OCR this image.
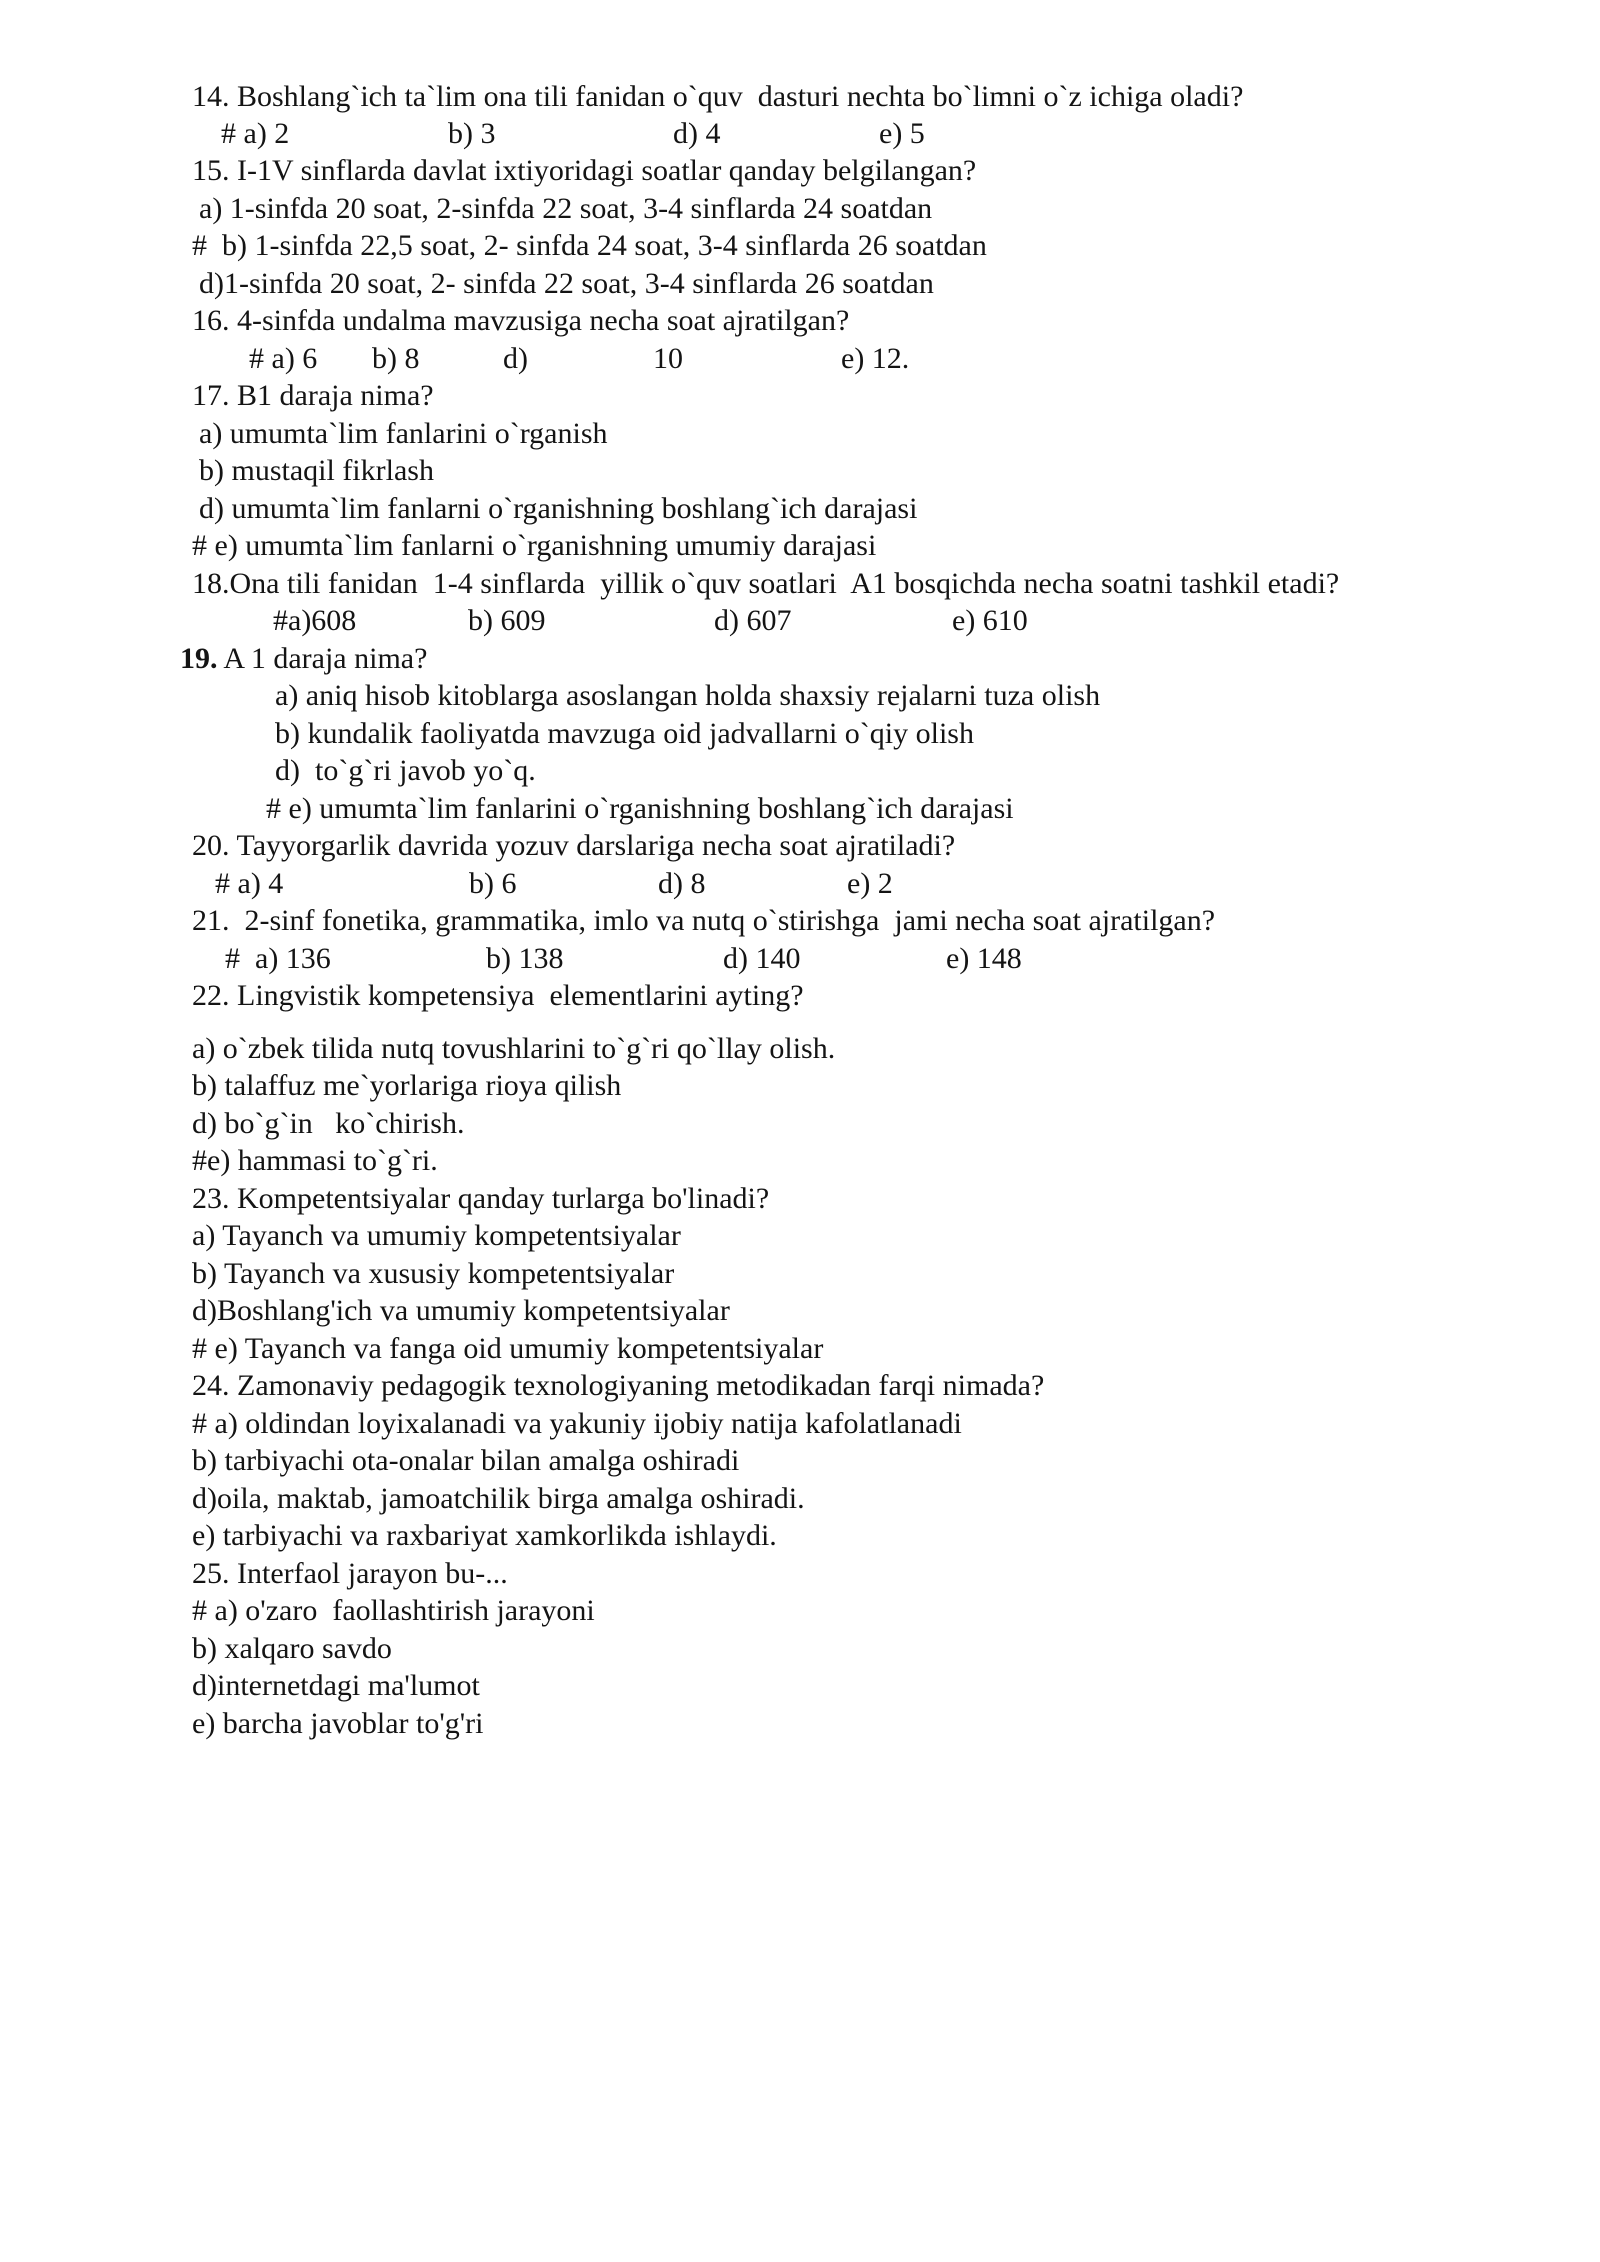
14. Boshlang`ich ta`lim ona tili fanidan o`quv  dasturi nechta bo`limni o`z ichiga oladi?
# a) 2	b) 3	d) 4	e) 5
15. I-1V sinflarda davlat ixtiyoridagi soatlar qanday belgilangan?
a) 1-sinfda 20 soat, 2-sinfda 22 soat, 3-4 sinflarda 24 soatdan
#  b) 1-sinfda 22,5 soat, 2- sinfda 24 soat, 3-4 sinflarda 26 soatdan
d)1-sinfda 20 soat, 2- sinfda 22 soat, 3-4 sinflarda 26 soatdan
16. 4-sinfda undalma mavzusiga necha soat ajratilgan?
# a) 6 b) 8	d)	10	e) 12.
17. B1 daraja nima?
a) umumta`lim fanlarini o`rganish
b) mustaqil fikrlash
d) umumta`lim fanlarni o`rganishning boshlang`ich darajasi
# e) umumta`lim fanlarni o`rganishning umumiy darajasi
18.Ona tili fanidan  1-4 sinflarda  yillik o`quv soatlari  A1 bosqichda necha soatni tashkil etadi?
#a)608	b) 609	d) 607	e) 610
19. A 1 daraja nima?
a) aniq hisob kitoblarga asoslangan holda shaxsiy rejalarni tuza olish
b) kundalik faoliyatda mavzuga oid jadvallarni o`qiy olish
d)  to`g`ri javob yo`q.
# e) umumta`lim fanlarini o`rganishning boshlang`ich darajasi
20. Tayyorgarlik davrida yozuv darslariga necha soat ajratiladi?
# a) 4	b) 6	d) 8	e) 2
21.  2-sinf fonetika, grammatika, imlo va nutq o`stirishga  jami necha soat ajratilgan?
#  a) 136	b) 138	d) 140	e) 148
22. Lingvistik kompetensiya  elementlarini ayting?
a) o`zbek tilida nutq tovushlarini to`g`ri qo`llay olish.
b) talaffuz me`yorlariga rioya qilish
d) bo`g`in   ko`chirish.
#e) hammasi to`g`ri.
23. Kompetentsiyalar qanday turlarga bo'linadi?
a) Tayanch va umumiy kompetentsiyalar
b) Tayanch va xususiy kompetentsiyalar
d)Boshlang'ich va umumiy kompetentsiyalar
# e) Tayanch va fanga oid umumiy kompetentsiyalar
24. Zamonaviy pedagogik texnologiyaning metodikadan farqi nimada?
# a) oldindan loyixalanadi va yakuniy ijobiy natija kafolatlanadi
b) tarbiyachi ota-onalar bilan amalga oshiradi
d)oila, maktab, jamoatchilik birga amalga oshiradi.
e) tarbiyachi va raxbariyat xamkorlikda ishlaydi.
25. Interfaol jarayon bu-...
# a) o'zaro  faollashtirish jarayoni
b) xalqaro savdo
d)internetdagi ma'lumot
e) barcha javoblar to'g'ri
